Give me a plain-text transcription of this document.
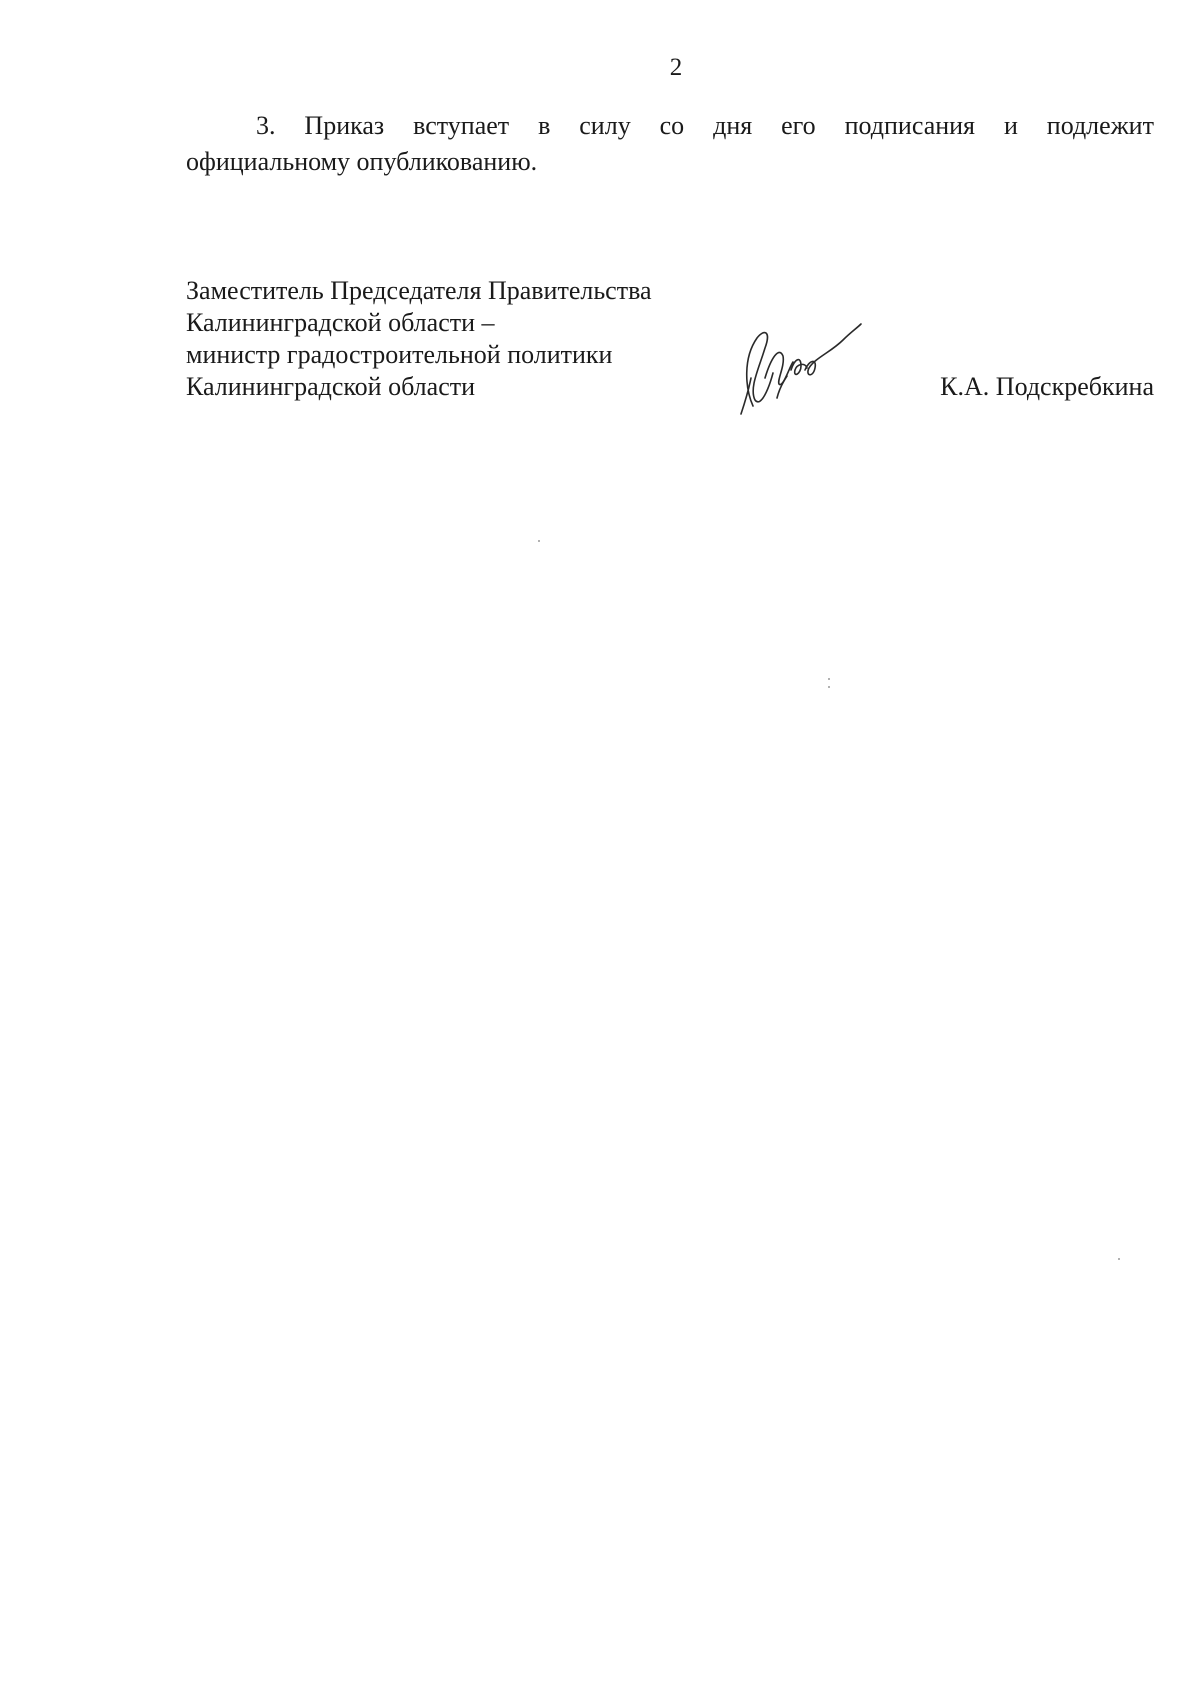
2
3. Приказ вступает в силу со дня его подписания и подлежит
официальному опубликованию.
Заместитель Председателя Правительства
Калининградской области –
министр градостроительной политики
Калининградской области	К.А. Подскребкина
